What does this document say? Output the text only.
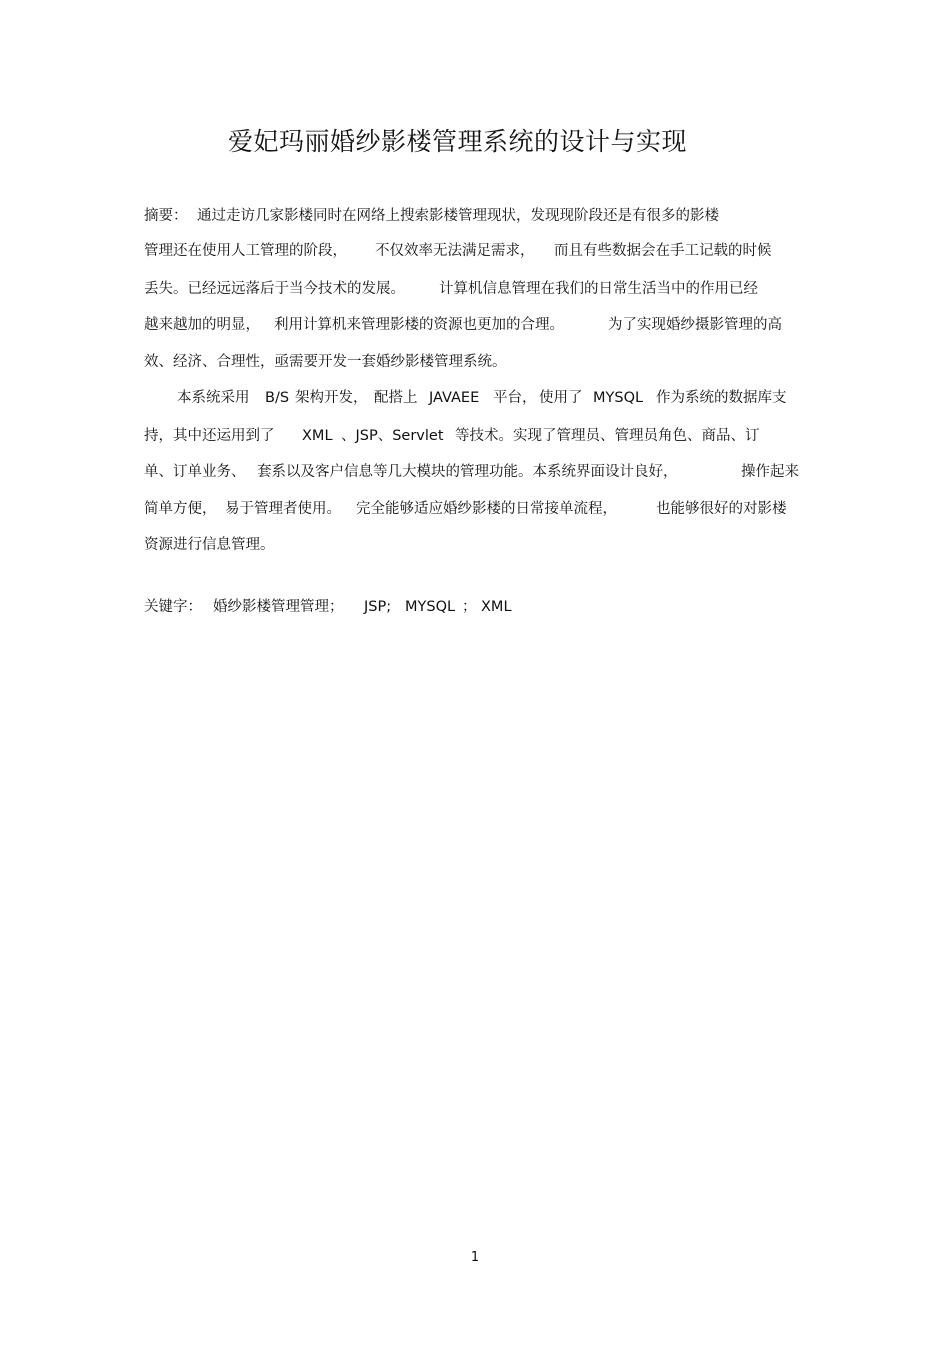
爱妃玛丽婚纱影楼管理系统的设计与实现
摘要： 通过走访几家影楼同时在网络上搜索影楼管理现状，发现现阶段还是有很多的影楼
管理还在使用人工管理的阶段， 不仅效率无法满足需求， 而且有些数据会在手工记载的时候
丢失。已经远远落后于当今技术的发展。 计算机信息管理在我们的日常生活当中的作用已经
越来越加的明显， 利用计算机来管理影楼的资源也更加的合理。	为了实现婚纱摄影管理的高
效、经济、合理性，亟需要开发一套婚纱影楼管理系统。
本系统采用 B/S 架构开发， 配搭上 JAVAEE 平台， 使用了 MYSQL 作为系统的数据库支
持，其中还运用到了 XML 、JSP、Servlet 等技术。实现了管理员、管理员角色、商品、订
单、订单业务、 套系以及客户信息等几大模块的管理功能。本系统界面设计良好，	操作起来
简单方便， 易于管理者使用。 完全能够适应婚纱影楼的日常接单流程，	也能够很好的对影楼
资源进行信息管理。
关键字： 婚纱影楼管理管理； JSP; MYSQL ； XML
1
